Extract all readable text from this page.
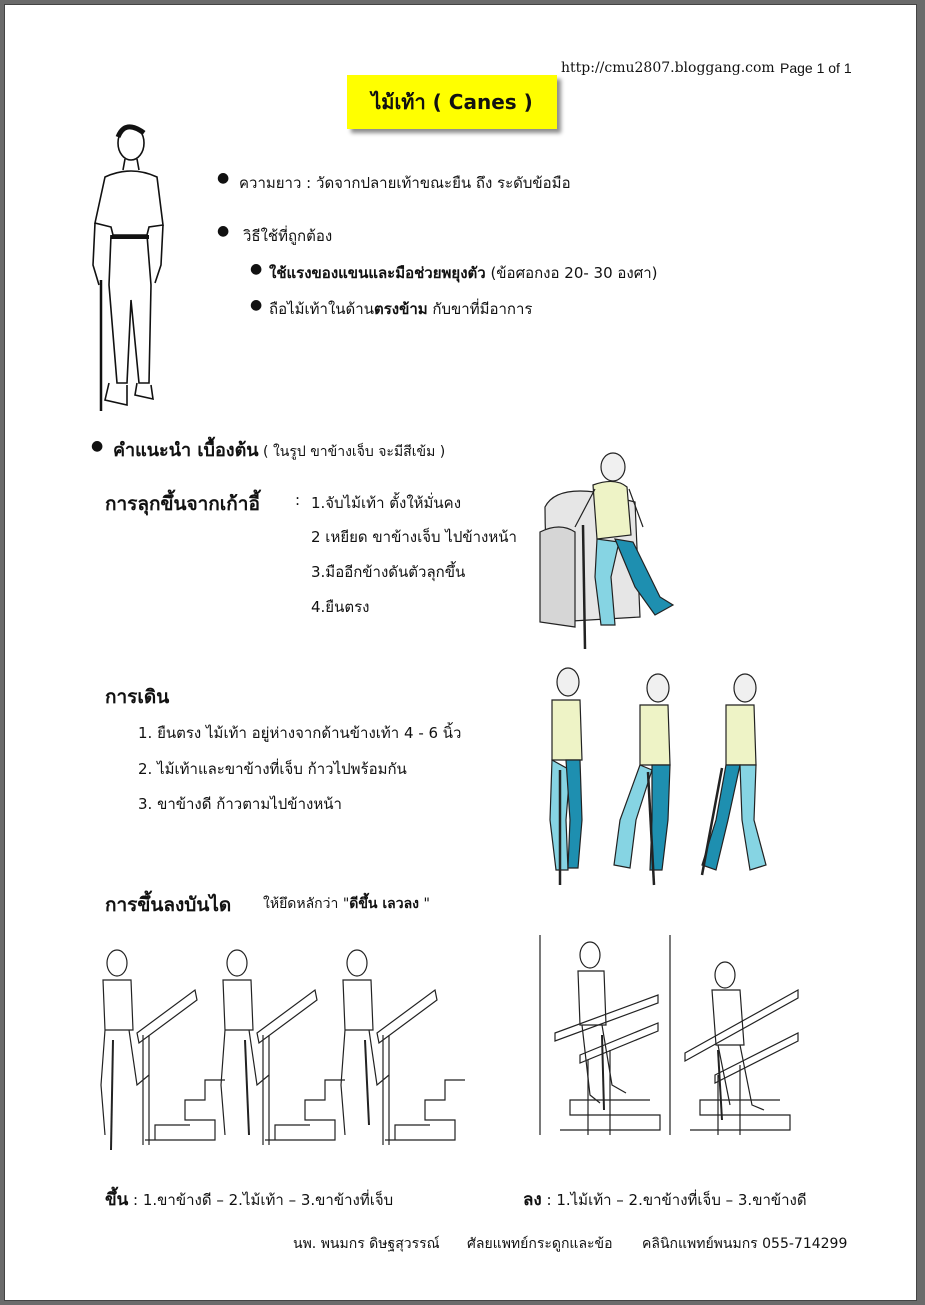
http://cmu2807.bloggang.com Page 1 of 1
ไม้เท้า ( Canes )
● ความยาว : วัดจากปลายเท้าขณะยืน ถึง ระดับข้อมือ
● วิธีใช้ที่ถูกต้อง
● ใช้แรงของแขนและมือช่วยพยุงตัว (ข้อศอกงอ 20- 30 องศา)
● ถือไม้เท้าในด้านตรงข้าม กับขาที่มีอาการ
● คำแนะนำ เบื้องต้น ( ในรูป ขาข้างเจ็บ จะมีสีเข้ม )
การลุกขึ้นจากเก้าอี้ : 1.จับไม้เท้า ตั้งให้มั่นคง
2 เหยียด ขาข้างเจ็บ ไปข้างหน้า
3.มืออีกข้างดันตัวลุกขึ้น
4.ยืนตรง
การเดิน
1. ยืนตรง ไม้เท้า อยู่ห่างจากด้านข้างเท้า 4 - 6 นิ้ว
2. ไม้เท้าและขาข้างที่เจ็บ ก้าวไปพร้อมกัน
3. ขาข้างดี ก้าวตามไปข้างหน้า
การขึ้นลงบันได ให้ยึดหลักว่า "ดีขึ้น เลวลง "
ขึ้น : 1.ขาข้างดี – 2.ไม้เท้า – 3.ขาข้างที่เจ็บ	ลง : 1.ไม้เท้า – 2.ขาข้างที่เจ็บ – 3.ขาข้างดี
นพ. พนมกร ดิษฐสุวรรณ์ ศัลยแพทย์กระดูกและข้อ คลินิกแพทย์พนมกร 055-714299
